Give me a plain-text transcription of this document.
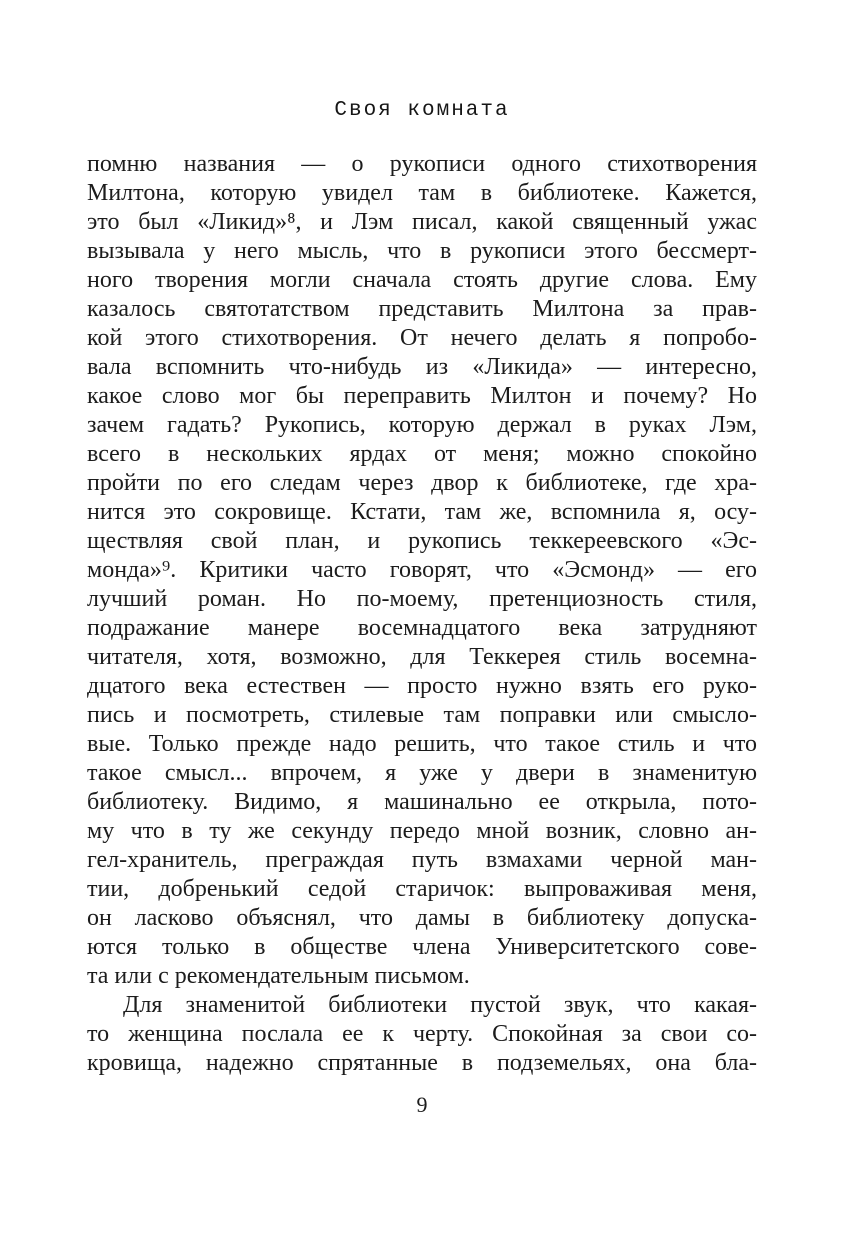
Своя комната
помню названия — о рукописи одного стихотворения
Милтона, которую увидел там в библиотеке. Кажется,
это был «Ликид»⁸, и Лэм писал, какой священный ужас
вызывала у него мысль, что в рукописи этого бессмерт-
ного творения могли сначала стоять другие слова. Ему
казалось святотатством представить Милтона за прав-
кой этого стихотворения. От нечего делать я попробо-
вала вспомнить что-нибудь из «Ликида» — интересно,
какое слово мог бы переправить Милтон и почему? Но
зачем гадать? Рукопись, которую держал в руках Лэм,
всего в нескольких ярдах от меня; можно спокойно
пройти по его следам через двор к библиотеке, где хра-
нится это сокровище. Кстати, там же, вспомнила я, осу-
ществляя свой план, и рукопись теккереевского «Эс-
монда»⁹. Критики часто говорят, что «Эсмонд» — его
лучший роман. Но по-моему, претенциозность стиля,
подражание манере восемнадцатого века затрудняют
читателя, хотя, возможно, для Теккерея стиль восемна-
дцатого века естествен — просто нужно взять его руко-
пись и посмотреть, стилевые там поправки или смысло-
вые. Только прежде надо решить, что такое стиль и что
такое смысл... впрочем, я уже у двери в знаменитую
библиотеку. Видимо, я машинально ее открыла, пото-
му что в ту же секунду передо мной возник, словно ан-
гел-хранитель, преграждая путь взмахами черной ман-
тии, добренький седой старичок: выпроваживая меня,
он ласково объяснял, что дамы в библиотеку допуска-
ются только в обществе члена Университетского сове-
та или с рекомендательным письмом.
Для знаменитой библиотеки пустой звук, что какая-
то женщина послала ее к черту. Спокойная за свои со-
кровища, надежно спрятанные в подземельях, она бла-
9
